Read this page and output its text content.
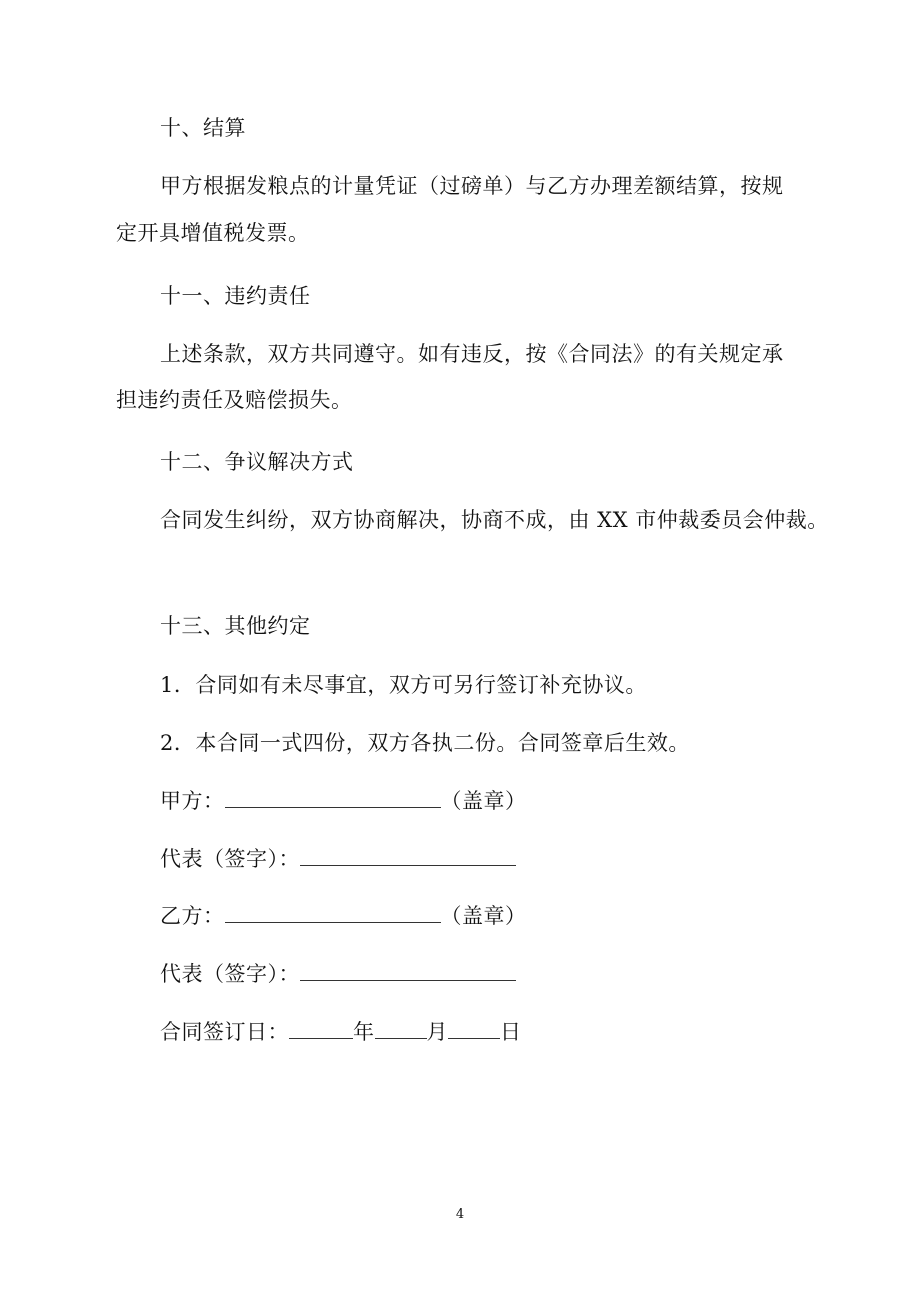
十、结算
甲方根据发粮点的计量凭证（过磅单）与乙方办理差额结算，按规
定开具增值税发票。
十一、违约责任
上述条款，双方共同遵守。如有违反，按《合同法》的有关规定承
担违约责任及赔偿损失。
十二、争议解决方式
合同发生纠纷，双方协商解决，协商不成，由 XX 市仲裁委员会仲裁。
十三、其他约定
1．合同如有未尽事宜，双方可另行签订补充协议。
2．本合同一式四份，双方各执二份。合同签章后生效。
甲方：	（盖章）
代表（签字）：
乙方：	（盖章）
代表（签字）：
合同签订日：	年 月 日
4
